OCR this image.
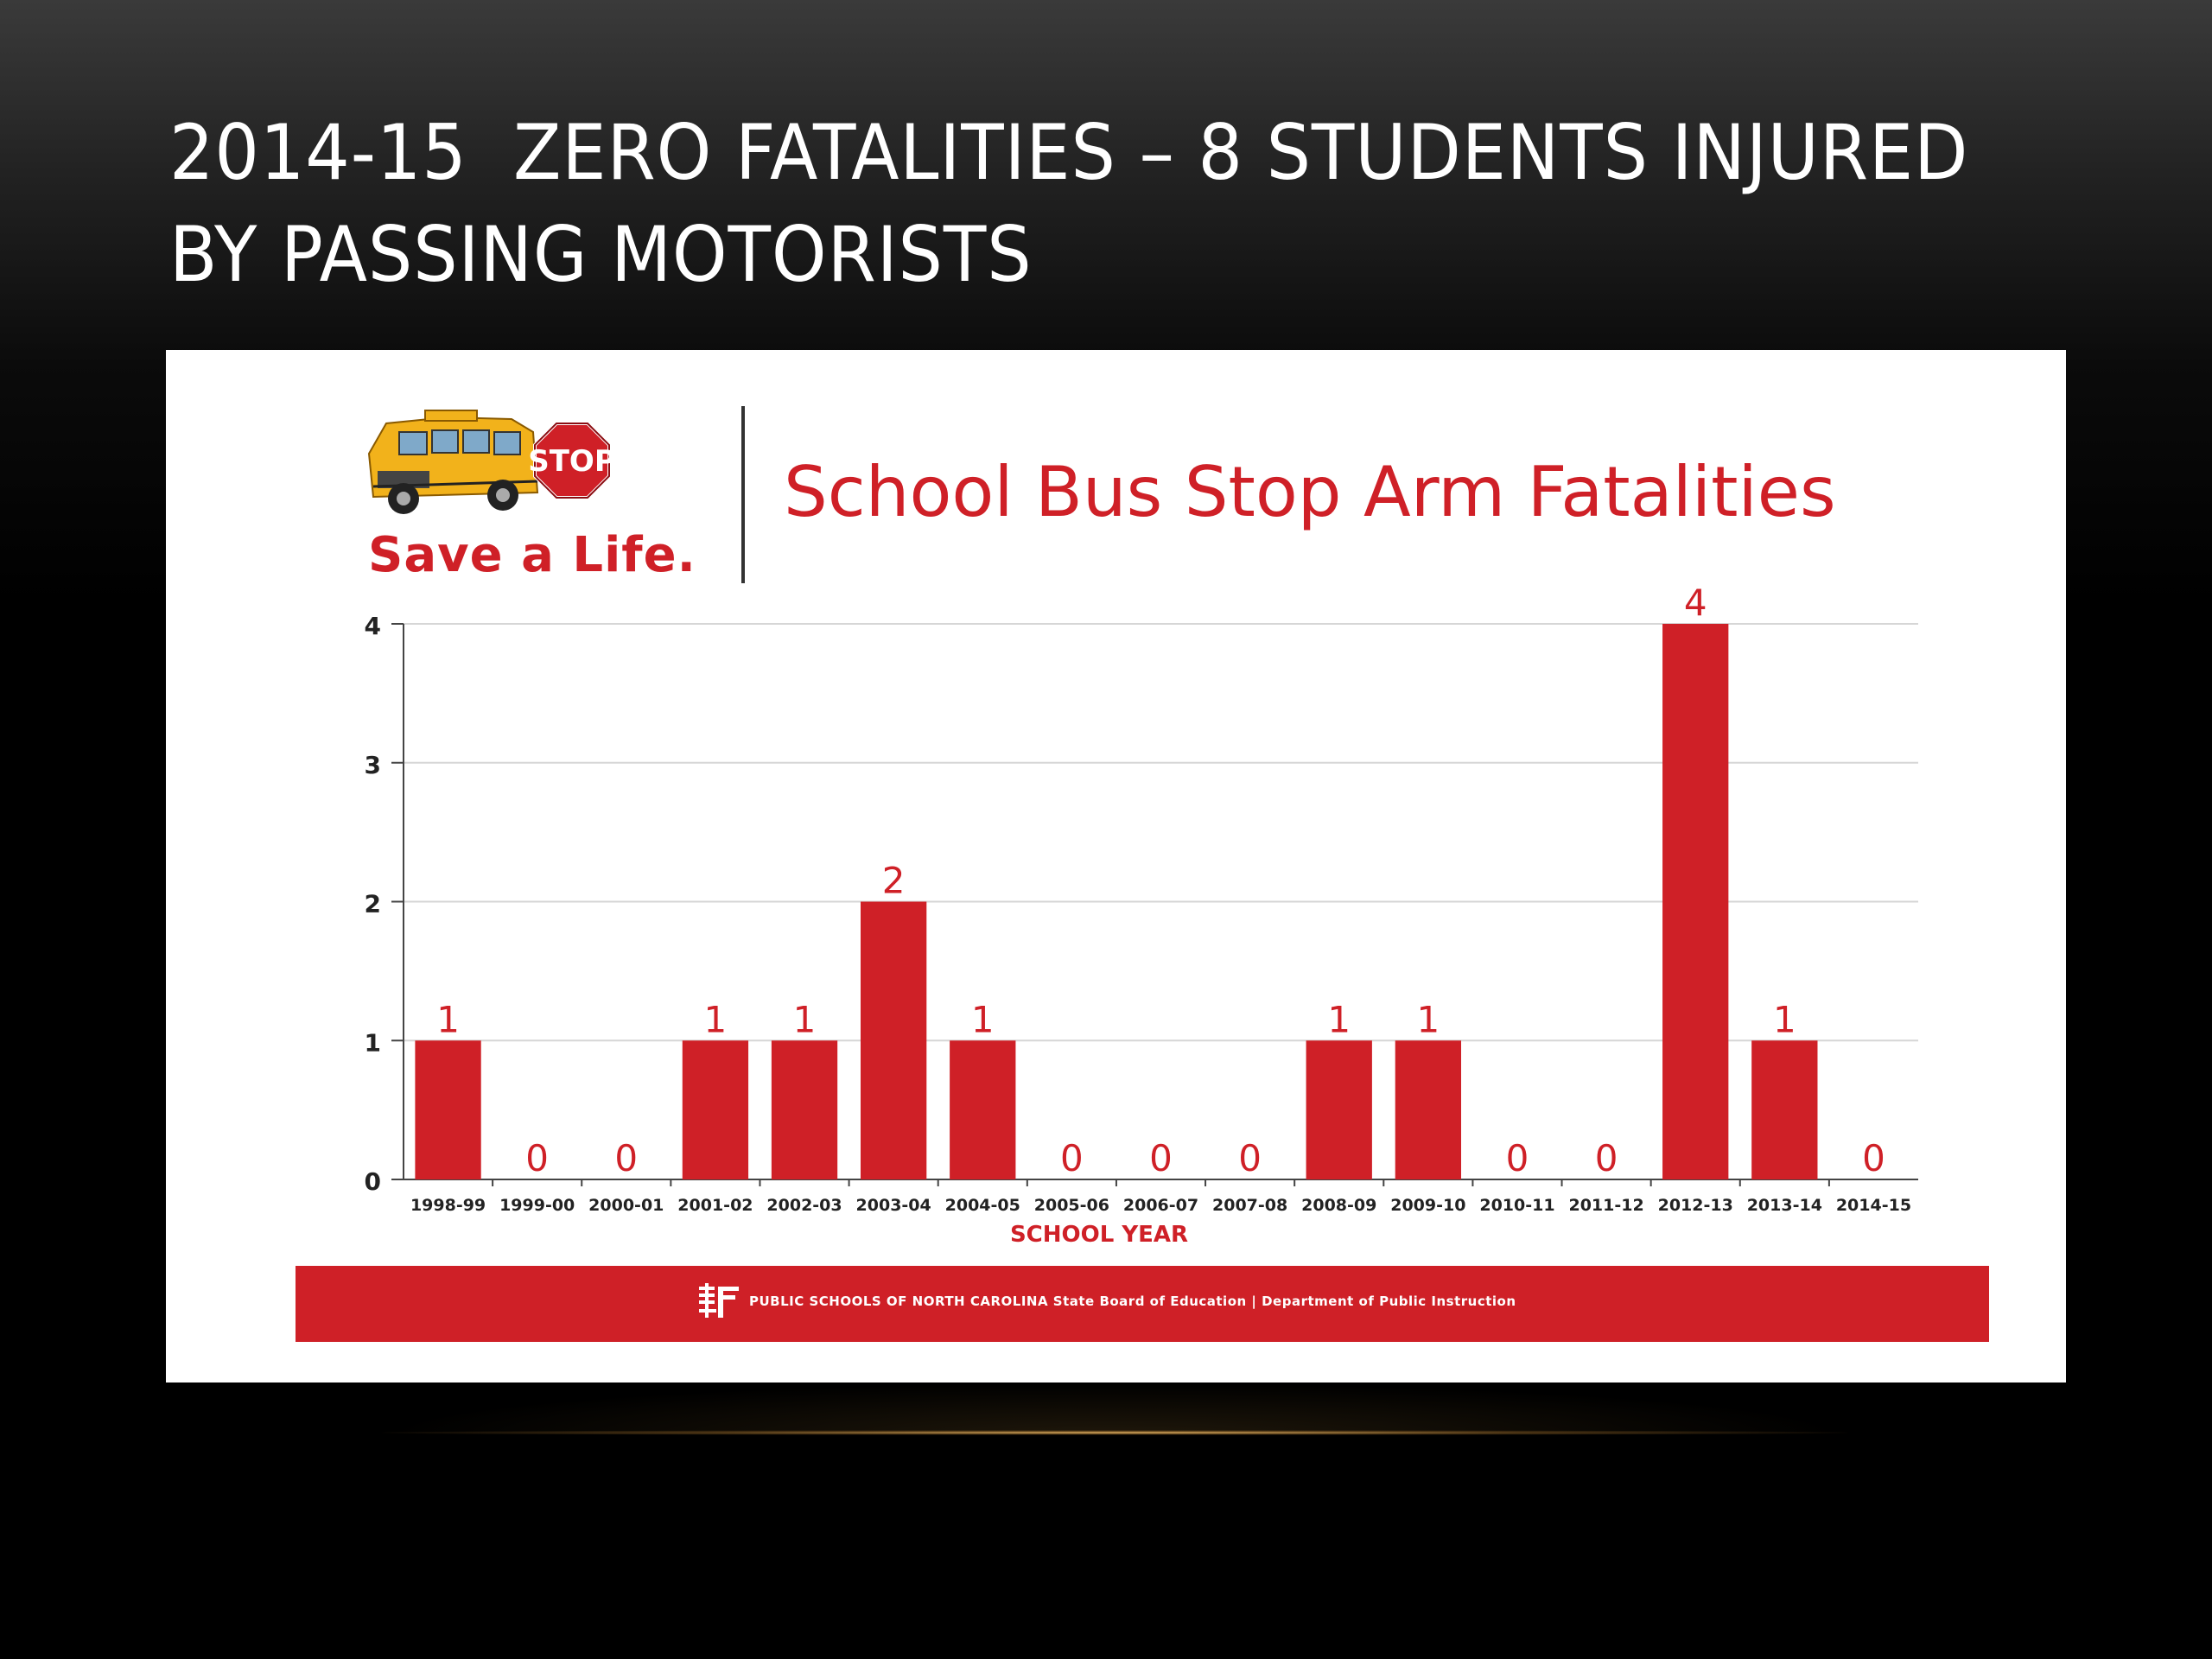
2014-15  ZERO FATALITIES – 8 STUDENTS INJURED
BY PASSING MOTORISTS
STOP
Save a Life.
School Bus Stop Arm Fatalities
0
1
2
3
4
1
0 0
1 1
2
1
0 0 0
1 1
0 0
4
1
0
1998-99 1999-00 2000-01 2001-02 2002-03 2003-04 2004-05 2005-06 2006-07 2007-08 2008-09 2009-10 2010-11 2011-12 2012-13 2013-14 2014-15
SCHOOL YEAR
PUBLIC SCHOOLS OF NORTH CAROLINA State Board of Education | Department of Public Instruction
